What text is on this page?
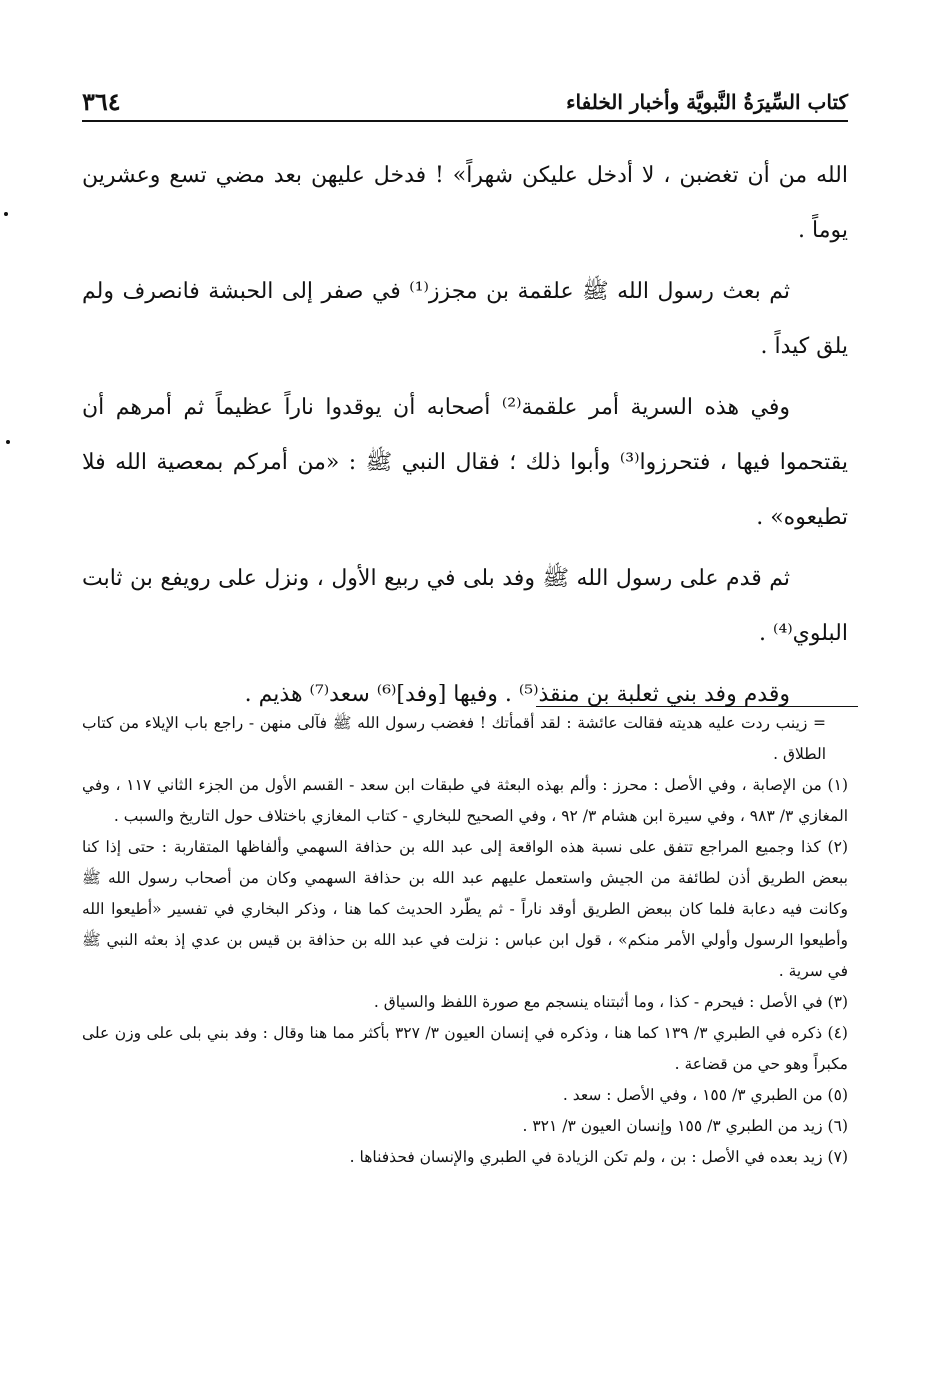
كتاب السِّيرَةُ النَّبويَّة وأخبار الخلفاء
٣٦٤

الله من أن تغضبن ، لا أدخل عليكن شهراً» ! فدخل عليهن بعد مضي تسع وعشرين يوماً .

ثم بعث رسول الله ﷺ علقمة بن مجزز⁽¹⁾ في صفر إلى الحبشة فانصرف ولم يلق كيداً .

وفي هذه السرية أمر علقمة⁽²⁾ أصحابه أن يوقدوا ناراً عظيماً ثم أمرهم أن يقتحموا فيها ، فتحرزوا⁽³⁾ وأبوا ذلك ؛ فقال النبي ﷺ : «من أمركم بمعصية الله فلا تطيعوه» .

ثم قدم على رسول الله ﷺ وفد بلى في ربيع الأول ، ونزل على رويفع بن ثابت البلوي⁽⁴⁾ .

وقدم وفد بني ثعلبة بن منقذ⁽⁵⁾ . وفيها [وفد]⁽⁶⁾ سعد⁽⁷⁾ هذيم .

= زينب ردت عليه هديته فقالت عائشة : لقد أقمأتك ! فغضب رسول الله ﷺ فآلى منهن - راجع باب الإيلاء من كتاب الطلاق .

(١) من الإصابة ، وفي الأصل : محرز : وألم بهذه البعثة في طبقات ابن سعد - القسم الأول من الجزء الثاني ١١٧ ، وفي المغازي ٣/ ٩٨٣ ، وفي سيرة ابن هشام ٣/ ٩٢ ، وفي الصحيح للبخاري - كتاب المغازي باختلاف حول التاريخ والسبب .

(٢) كذا وجميع المراجع تتفق على نسبة هذه الواقعة إلى عبد الله بن حذافة السهمي وألفاظها المتقاربة : حتى إذا كنا ببعض الطريق أذن لطائفة من الجيش واستعمل عليهم عبد الله بن حذافة السهمي وكان من أصحاب رسول الله ﷺ وكانت فيه دعابة فلما كان ببعض الطريق أوقد ناراً - ثم يطّرد الحديث كما هنا ، وذكر البخاري في تفسير «أطيعوا الله وأطيعوا الرسول وأولي الأمر منكم» ، قول ابن عباس : نزلت في عبد الله بن حذافة بن قيس بن عدي إذ بعثه النبي ﷺ في سرية .

(٣) في الأصل : فيحرم - كذا ، وما أثبتناه ينسجم مع صورة اللفظ والسياق .

(٤) ذكره في الطبري ٣/ ١٣٩ كما هنا ، وذكره في إنسان العيون ٣/ ٣٢٧ بأكثر مما هنا وقال : وفد بني بلى على وزن على مكبراً وهو حي من قضاعة .

(٥) من الطبري ٣/ ١٥٥ ، وفي الأصل : سعد .

(٦) زيد من الطبري ٣/ ١٥٥ وإنسان العيون ٣/ ٣٢١ .

(٧) زيد بعده في الأصل : بن ، ولم تكن الزيادة في الطبري والإنسان فحذفناها .
